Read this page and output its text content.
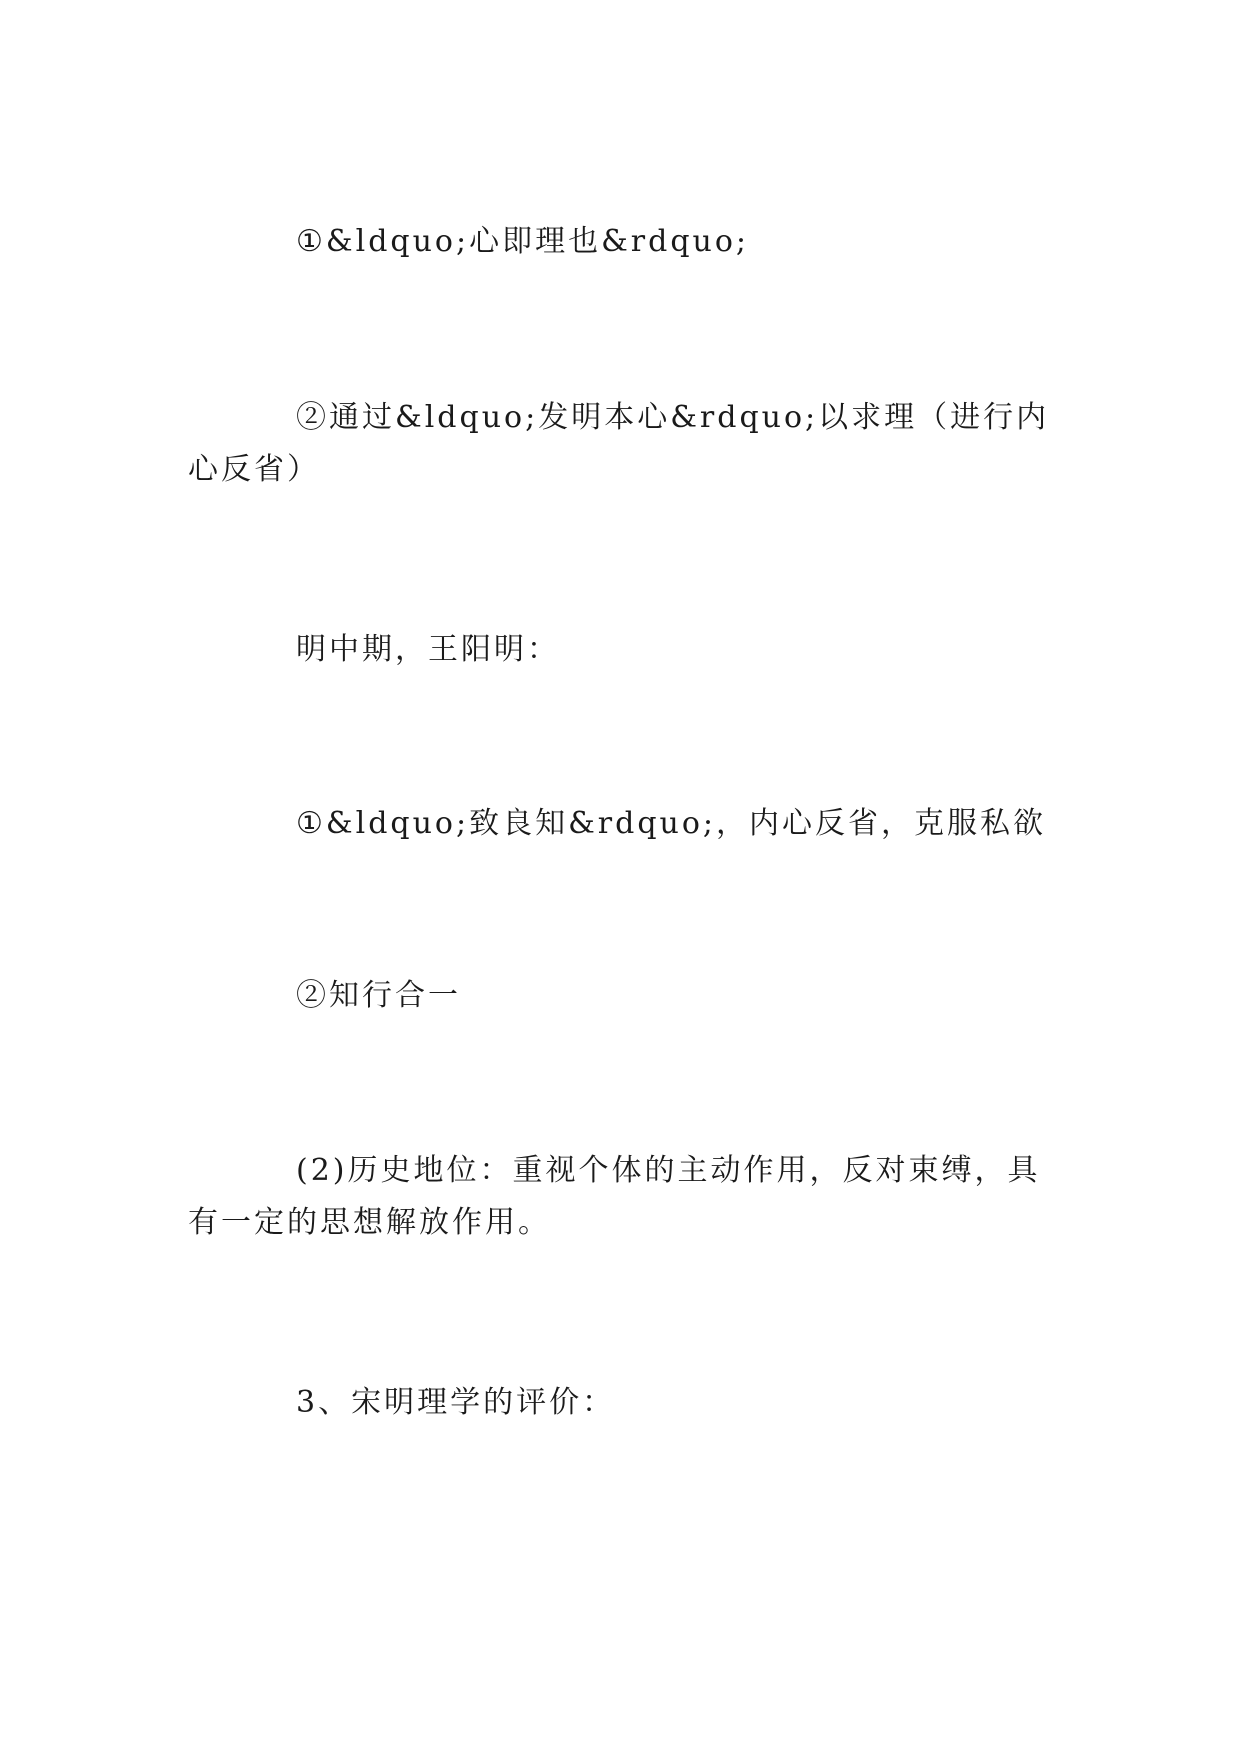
①&ldquo;心即理也&rdquo;

②通过&ldquo;发明本心&rdquo;以求理（进行内心反省）

明中期，王阳明：

①&ldquo;致良知&rdquo;，内心反省，克服私欲

②知行合一

(2)历史地位：重视个体的主动作用，反对束缚，具有一定的思想解放作用。

3、宋明理学的评价：
